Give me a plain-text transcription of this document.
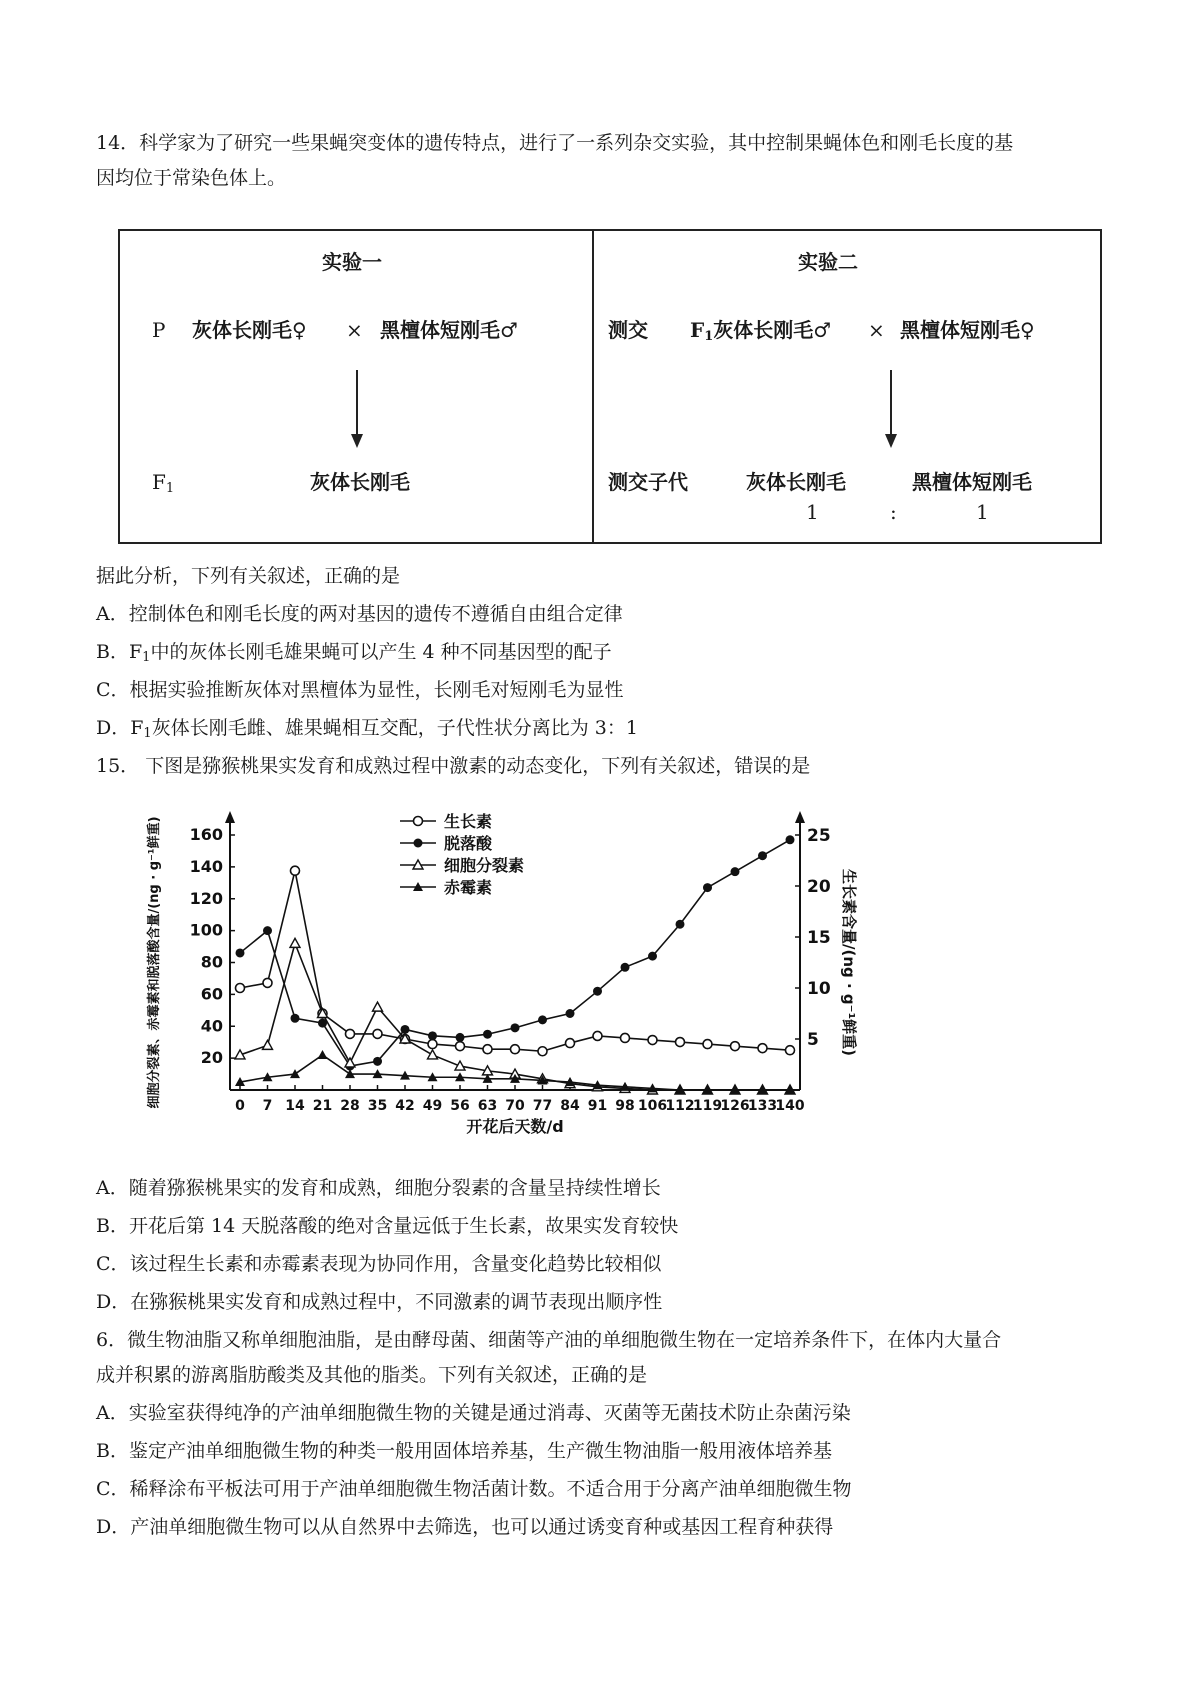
14．科学家为了研究一些果蝇突变体的遗传特点，进行了一系列杂交实验，其中控制果蝇体色和刚毛长度的基
因均位于常染色体上。
实验一
P 灰体长刚毛♀ × 黑檀体短刚毛♂
$F_1$	灰体长刚毛
实验二
测交 $F_1$灰体长刚毛♂ × 黑檀体短刚毛♀
测交子代	灰体长刚毛	黑檀体短刚毛
1	:	1
据此分析，下列有关叙述，正确的是
A．控制体色和刚毛长度的两对基因的遗传不遵循自由组合定律
B．$F_1$中的灰体长刚毛雄果蝇可以产生 4 种不同基因型的配子
C．根据实验推断灰体对黑檀体为显性，长刚毛对短刚毛为显性
D．$F_1$灰体长刚毛雌、雄果蝇相互交配，子代性状分离比为 3：1
15． 下图是猕猴桃果实发育和成熟过程中激素的动态变化，下列有关叙述，错误的是
0 7 14 21 28 35 42 49 56 63 70 77 84 91 98 106
112
119
126
133
140
开花后天数/d
20
40
60
80
100
120
140
160
5
10
15
20
25
细胞分裂素、赤霉素和脱落酸含量/(ng · g⁻¹鲜重)	生长素含量/(ng · g⁻¹鲜重)
生长素
脱落酸
细胞分裂素
赤霉素
A．随着猕猴桃果实的发育和成熟，细胞分裂素的含量呈持续性增长
B．开花后第 14 天脱落酸的绝对含量远低于生长素，故果实发育较快
C．该过程生长素和赤霉素表现为协同作用，含量变化趋势比较相似
D．在猕猴桃果实发育和成熟过程中，不同激素的调节表现出顺序性
6．微生物油脂又称单细胞油脂，是由酵母菌、细菌等产油的单细胞微生物在一定培养条件下，在体内大量合
成并积累的游离脂肪酸类及其他的脂类。下列有关叙述，正确的是
A．实验室获得纯净的产油单细胞微生物的关键是通过消毒、灭菌等无菌技术防止杂菌污染
B．鉴定产油单细胞微生物的种类一般用固体培养基，生产微生物油脂一般用液体培养基
C．稀释涂布平板法可用于产油单细胞微生物活菌计数。不适合用于分离产油单细胞微生物
D．产油单细胞微生物可以从自然界中去筛选，也可以通过诱变育种或基因工程育种获得
